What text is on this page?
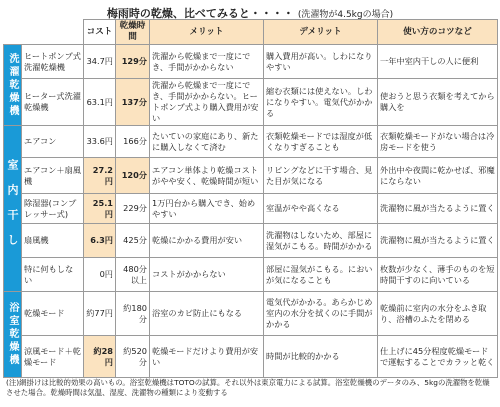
梅雨時の乾燥、比べてみると・・・・ (洗濯物が4.5kgの場合)
		コスト	乾燥時間	メリット	デメリット	使い方のコツなど
洗濯乾燥機	ヒートポンプ式洗濯乾燥機	34.7円	129分	洗濯から乾燥まで一度にでき、手間がかからない	購入費用が高い。しわになりやすい	一年中室内干しの人に便利
	ヒーター式洗濯乾燥機	63.1円	137分	洗濯から乾燥まで一度にでき、手間がかからない。ヒートポンプ式より購入費用が安い	縮む衣類には使えない。しわになりやすい。電気代がかかる	使おうと思う衣類を考えてから購入を
室内干し	エアコン	33.6円	166分	たいていの家庭にあり、新たに購入しなくて済む	衣類乾燥モードでは湿度が低くなりすぎることも	衣類乾燥モードがない場合は冷房モードを使う
	エアコン＋扇風機	27.2円	120分	エアコン単体より乾燥コストがやや安く、乾燥時間が短い	リビングなどに干す場合、見た目が気になる	外出中や夜間に乾かせば、邪魔にならない
	除湿器(コンプレッサー式)	25.1円	229分	1万円台から購入でき、始めやすい	室温がやや高くなる	洗濯物に風が当たるように置く
	扇風機	6.3円	425分	乾燥にかかる費用が安い	洗濯物はしないため、部屋に湿気がこもる。時間がかかる	洗濯物に風が当たるように置く
	特に何もしない	0円	480分以上	コストがかからない	部屋に湿気がこもる。においが気になることも	枚数が少なく、薄手のものを短時間干すのに向いている
浴室乾燥機	乾燥モード	約77円	約180分	浴室のカビ防止にもなる	電気代がかかる。あらかじめ室内の水分を拭くのに手間がかかる	乾燥前に室内の水分をふき取り、浴槽のふたを閉める
	涼風モード＋乾燥モード	約28円	約520分	乾燥モードだけより費用が安い	時間が比較的かかる	仕上げに45分程度乾燥モードで運転することでカラッと乾く
(注)網掛けは比較的効果の高いもの。浴室乾燥機はTOTOの試算。それ以外は東京電力による試算。浴室乾燥機のデータのみ、5kgの洗濯物を乾燥させた場合。乾燥時間は気温、湿度、洗濯物の種類により変動する
